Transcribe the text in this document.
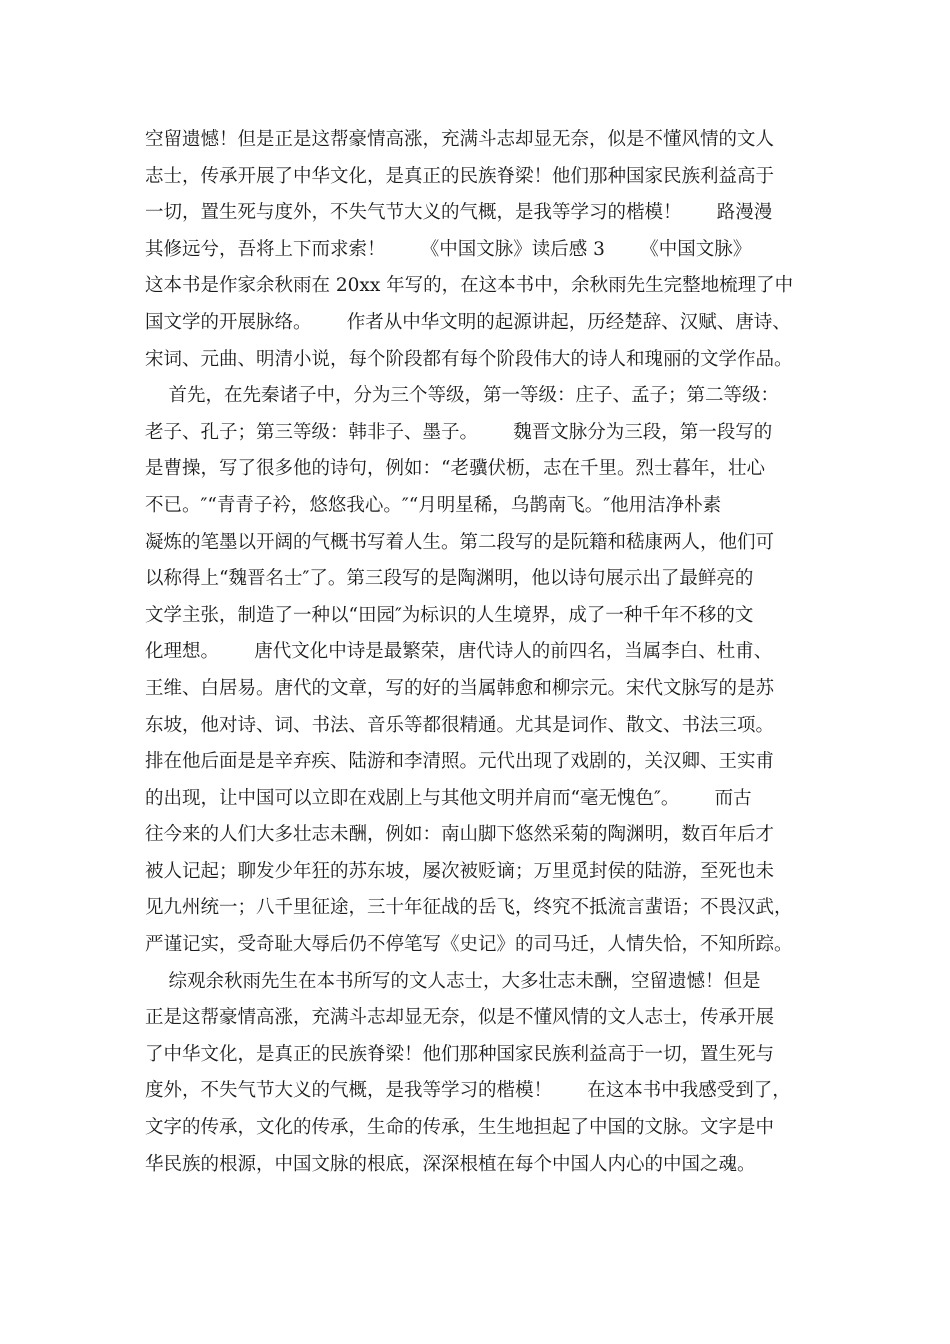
空留遗憾！但是正是这帮豪情高涨，充满斗志却显无奈，似是不懂风情的文人
志士，传承开展了中华文化，是真正的民族脊梁！他们那种国家民族利益高于
一切，置生死与度外，不失气节大义的气概，是我等学习的楷模！      路漫漫
其修远兮，吾将上下而求索！      《中国文脉》读后感 3      《中国文脉》
这本书是作家余秋雨在 20xx 年写的，在这本书中，余秋雨先生完整地梳理了中
国文学的开展脉络。      作者从中华文明的起源讲起，历经楚辞、汉赋、唐诗、
宋词、元曲、明清小说，每个阶段都有每个阶段伟大的诗人和瑰丽的文学作品。
首先，在先秦诸子中，分为三个等级，第一等级：庄子、孟子；第二等级：
老子、孔子；第三等级：韩非子、墨子。      魏晋文脉分为三段，第一段写的
是曹操，写了很多他的诗句，例如：“老骥伏枥，志在千里。烈士暮年，壮心
不已。″“青青子衿，悠悠我心。″“月明星稀，乌鹊南飞。″他用洁净朴素
凝炼的笔墨以开阔的气概书写着人生。第二段写的是阮籍和嵇康两人，他们可
以称得上“魏晋名士″了。第三段写的是陶渊明，他以诗句展示出了最鲜亮的
文学主张，制造了一种以“田园″为标识的人生境界，成了一种千年不移的文
化理想。      唐代文化中诗是最繁荣，唐代诗人的前四名，当属李白、杜甫、
王维、白居易。唐代的文章，写的好的当属韩愈和柳宗元。宋代文脉写的是苏
东坡，他对诗、词、书法、音乐等都很精通。尤其是词作、散文、书法三项。
排在他后面是是辛弃疾、陆游和李清照。元代出现了戏剧的，关汉卿、王实甫
的出现，让中国可以立即在戏剧上与其他文明并肩而“毫无愧色″。      而古
往今来的人们大多壮志未酬，例如：南山脚下悠然采菊的陶渊明，数百年后才
被人记起；聊发少年狂的苏东坡，屡次被贬谪；万里觅封侯的陆游，至死也未
见九州统一；八千里征途，三十年征战的岳飞，终究不抵流言蜚语；不畏汉武，
严谨记实，受奇耻大辱后仍不停笔写《史记》的司马迁，人情失恰，不知所踪。
综观余秋雨先生在本书所写的文人志士，大多壮志未酬，空留遗憾！但是
正是这帮豪情高涨，充满斗志却显无奈，似是不懂风情的文人志士，传承开展
了中华文化，是真正的民族脊梁！他们那种国家民族利益高于一切，置生死与
度外，不失气节大义的气概，是我等学习的楷模！      在这本书中我感受到了，
文字的传承，文化的传承，生命的传承，生生地担起了中国的文脉。文字是中
华民族的根源，中国文脉的根底，深深根植在每个中国人内心的中国之魂。
